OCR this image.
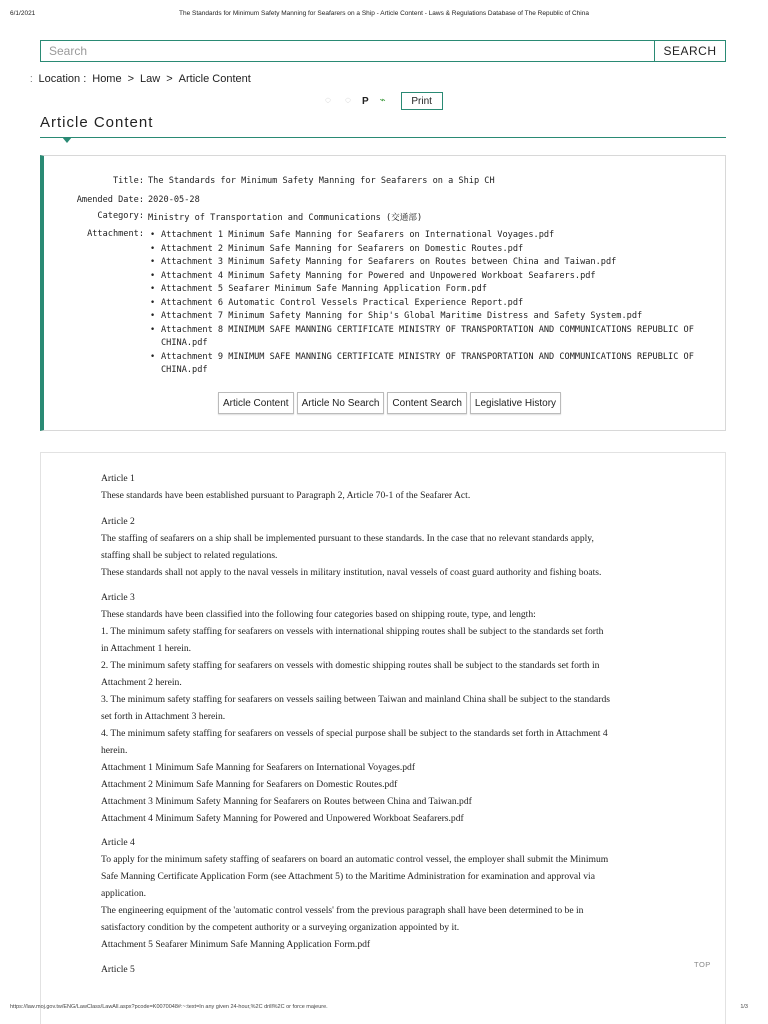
6/1/2021	The Standards for Minimum Safety Manning for Seafarers on a Ship - Article Content - Laws & Regulations Database of The Republic of China
Search
SEARCH
⁚ Location : Home > Law > Article Content
◌	◌	P ⌁	Print
Article Content
Title: The Standards for Minimum Safety Manning for Seafarers on a Ship CH
Amended Date: 2020-05-28
Category: Ministry of Transportation and Communications (交通部)
Attachment:
•	Attachment 1 Minimum Safe Manning for Seafarers on International Voyages.pdf
• Attachment 2 Minimum Safe Manning for Seafarers on Domestic Routes.pdf
• Attachment 3 Minimum Safety Manning for Seafarers on Routes between China and Taiwan.pdf
• Attachment 4 Minimum Safety Manning for Powered and Unpowered Workboat Seafarers.pdf
• Attachment 5 Seafarer Minimum Safe Manning Application Form.pdf
• Attachment 6 Automatic Control Vessels Practical Experience Report.pdf
• Attachment 7 Minimum Safety Manning for Ship's Global Maritime Distress and Safety System.pdf
• Attachment 8 MINIMUM SAFE MANNING CERTIFICATE MINISTRY OF TRANSPORTATION AND COMMUNICATIONS REPUBLIC OF CHINA.pdf
• Attachment 9 MINIMUM SAFE MANNING CERTIFICATE MINISTRY OF TRANSPORTATION AND COMMUNICATIONS REPUBLIC OF CHINA.pdf
Article Content	Article No Search	Content Search	Legislative History
Article 1
These standards have been established pursuant to Paragraph 2, Article 70-1 of the Seafarer Act.
Article 2
The staffing of seafarers on a ship shall be implemented pursuant to these standards. In the case that no relevant standards apply,
staffing shall be subject to related regulations.
These standards shall not apply to the naval vessels in military institution, naval vessels of coast guard authority and fishing boats.
Article 3
These standards have been classified into the following four categories based on shipping route, type, and length:
1. The minimum safety staffing for seafarers on vessels with international shipping routes shall be subject to the standards set forth
in Attachment 1 herein.
2. The minimum safety staffing for seafarers on vessels with domestic shipping routes shall be subject to the standards set forth in
Attachment 2 herein.
3. The minimum safety staffing for seafarers on vessels sailing between Taiwan and mainland China shall be subject to the standards
set forth in Attachment 3 herein.
4. The minimum safety staffing for seafarers on vessels of special purpose shall be subject to the standards set forth in Attachment 4
herein.
Attachment 1 Minimum Safe Manning for Seafarers on International Voyages.pdf
Attachment 2 Minimum Safe Manning for Seafarers on Domestic Routes.pdf
Attachment 3 Minimum Safety Manning for Seafarers on Routes between China and Taiwan.pdf
Attachment 4 Minimum Safety Manning for Powered and Unpowered Workboat Seafarers.pdf
Article 4
To apply for the minimum safety staffing of seafarers on board an automatic control vessel, the employer shall submit the Minimum
Safe Manning Certificate Application Form (see Attachment 5) to the Maritime Administration for examination and approval via
application.
The engineering equipment of the 'automatic control vessels' from the previous paragraph shall have been determined to be in
satisfactory condition by the competent authority or a surveying organization appointed by it.
Attachment 5 Seafarer Minimum Safe Manning Application Form.pdf
Article 5	TOP
https://law.moj.gov.tw/ENG/LawClass/LawAll.aspx?pcode=K0070048#:~:text=In any given 24-hour,%2C drill%2C or force majeure.	1/3
